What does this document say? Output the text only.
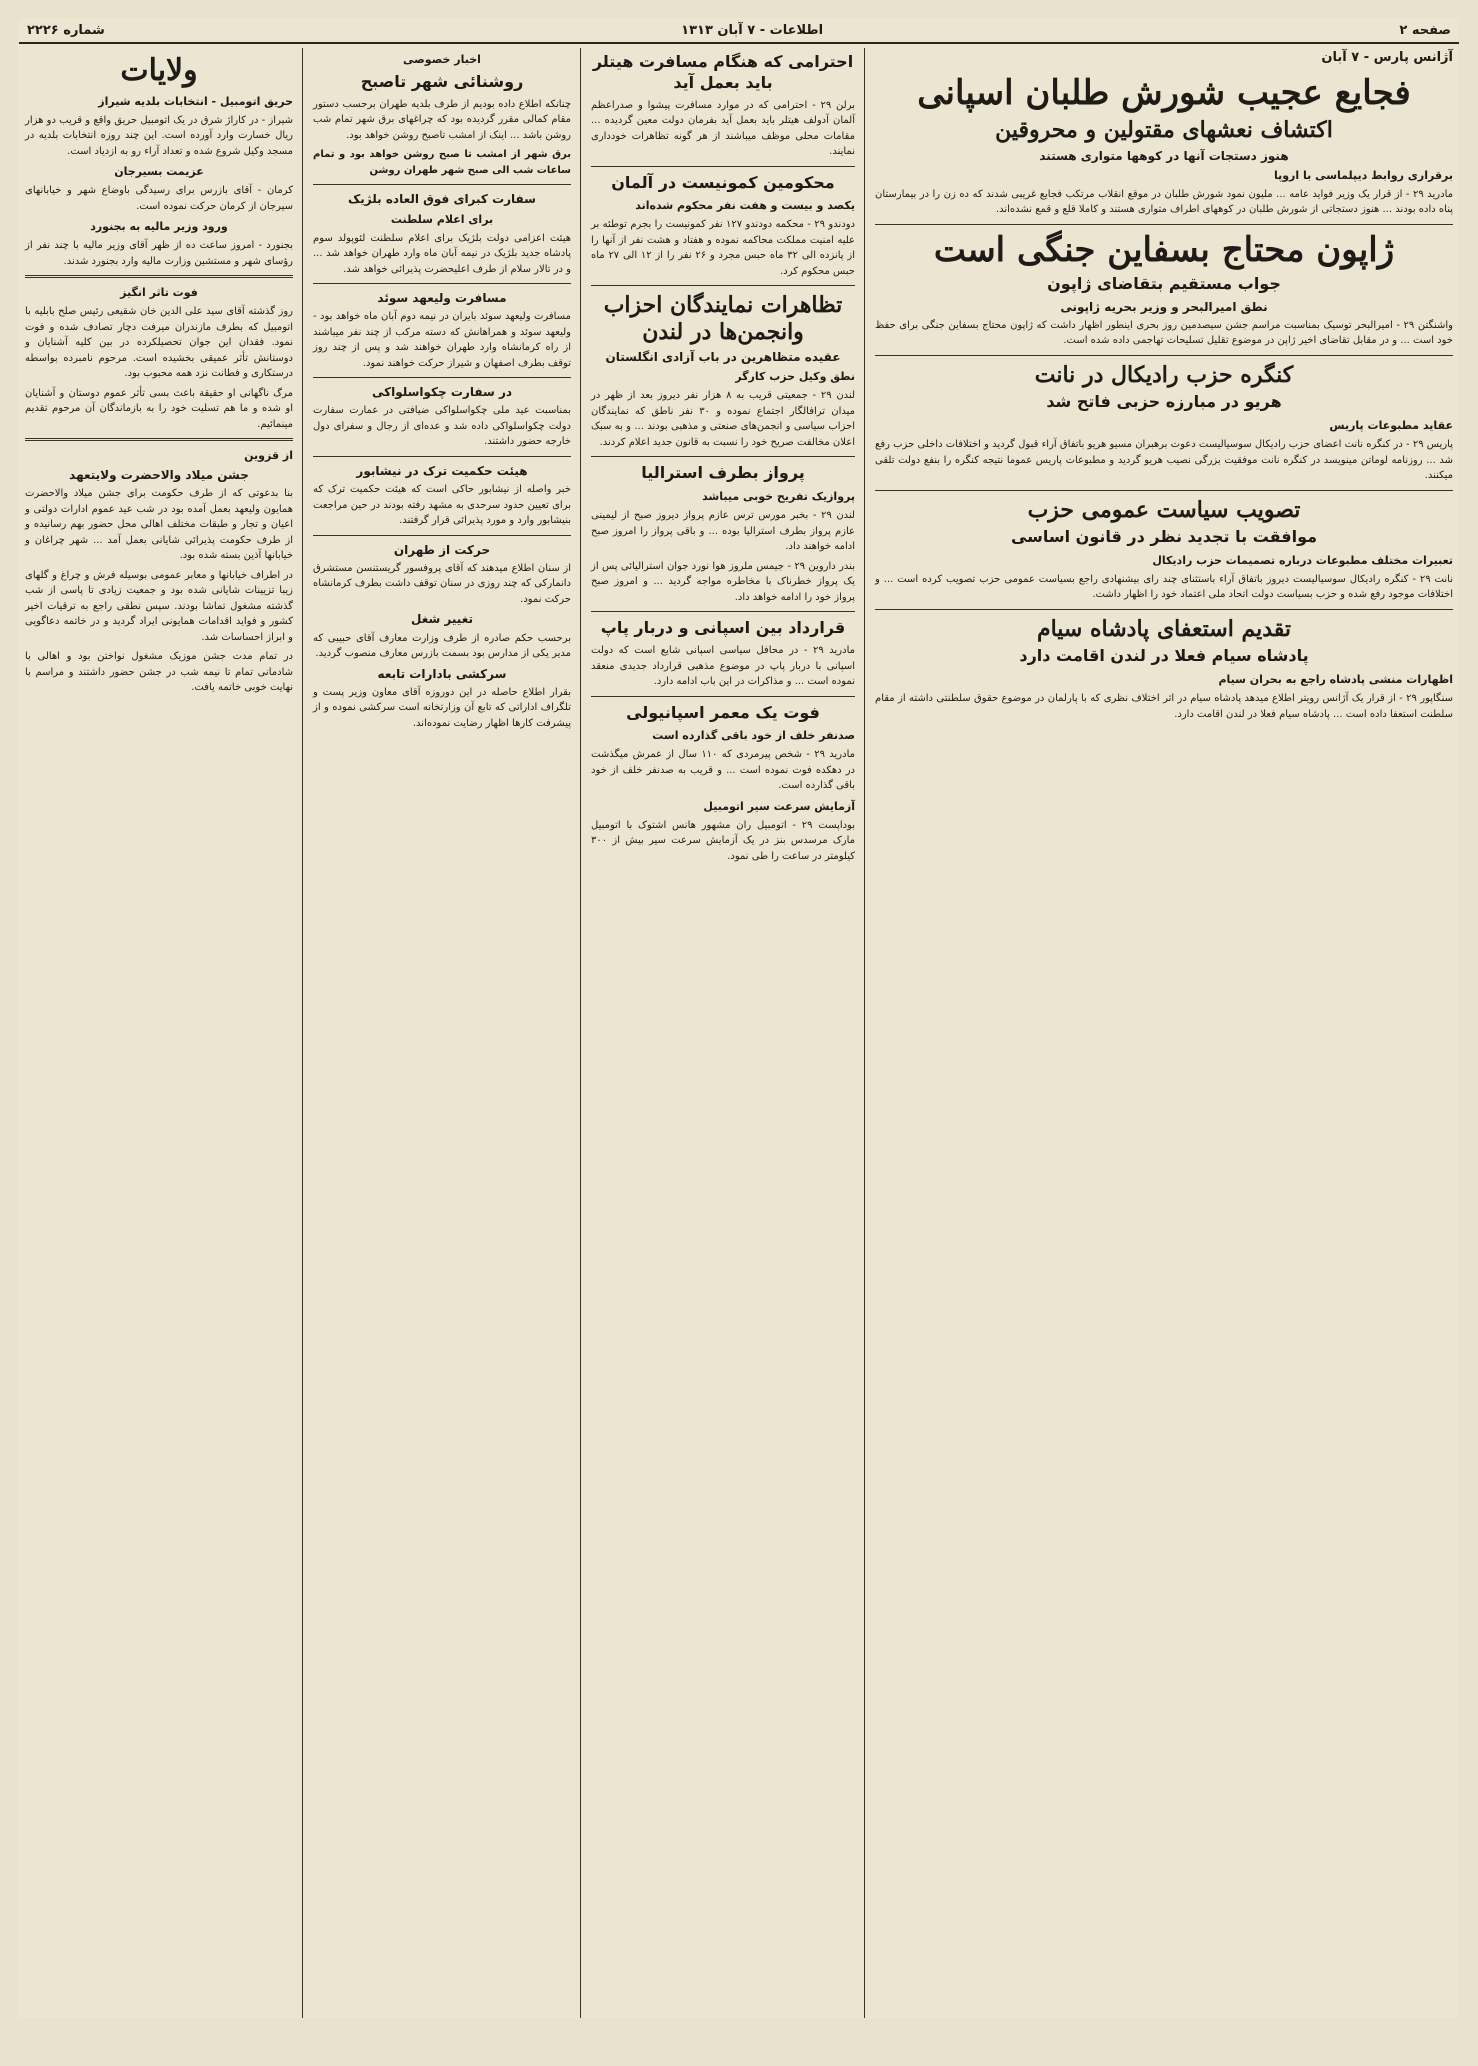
صفحه ۲
اطلاعات - ۷ آبان ۱۳۱۳
شماره ۲۲۲۶
آژانس پارس - ۷ آبان
فجایع عجیب شورش طلبان اسپانی
اکتشاف نعشهای مقتولین و محروقین
هنوز دستجات آنها در کوهها متواری هستند
برقراری روابط دیپلماسی با اروپا

مادرید ۲۹ - از قرار یک وزیر فواید عامه ... ملیون نمود شورش طلبان در موقع انقلاب مرتکب فجایع غریبی شدند که ده زن را در بیمارستان پناه داده بودند ... هنوز دستجاتی از شورش طلبان در کوههای اطراف متواری هستند و کاملا قلع و قمع نشده‌اند.

ژاپون محتاج بسفاین جنگی است
جواب مستقیم بتقاضای ژاپون
نطق امیرالبحر و وزیر بحریه ژاپونی

واشنگتن ۲۹ - امیرالبحر توسیک بمناسبت مراسم جشن سیصدمین روز بحری اینطور اظهار داشت که ژاپون محتاج بسفاین جنگی برای حفظ خود است ... و در مقابل تقاضای اخیر ژاپن در موضوع تقلیل تسلیحات تهاجمی داده شده است.

کنگره حزب رادیکال در نانت
هریو در مبارزه حزبی فاتح شد
عقاید مطبوعات پاریس

پاریس ۲۹ - در کنگره نانت اعضای حزب رادیکال سوسیالیست دعوت برهبران مسیو هریو باتفاق آراء قبول گردید و اختلافات داخلی حزب رفع شد ... روزنامه لوماتن مینویسد در کنگره نانت موفقیت بزرگی نصیب هریو گردید و مطبوعات پاریس عموما نتیجه کنگره را بنفع دولت تلقی میکنند.

تصویب سیاست عمومی حزب
موافقت با تجدید نظر در قانون اساسی
تعبیرات مختلف مطبوعات درباره تصمیمات حزب رادیکال

نانت ۲۹ - کنگره رادیکال سوسیالیست دیروز باتفاق آراء باستثنای چند رای بیشنهادی راجع بسیاست عمومی حزب تصویب کرده است ... و اختلافات موجود رفع شده و حزب بسیاست دولت اتحاد ملی اعتماد خود را اظهار داشت.

تقدیم استعفای پادشاه سیام
پادشاه سیام فعلا در لندن اقامت دارد
اظهارات منشی پادشاه راجع به بحران سیام

سنگاپور ۲۹ - از قرار یک آژانس رویتر اطلاع میدهد پادشاه سیام در اثر اختلاف نظری که با پارلمان در موضوع حقوق سلطنتی داشته از مقام سلطنت استعفا داده است ... پادشاه سیام فعلا در لندن اقامت دارد.

احترامی که هنگام مسافرت هیتلر باید بعمل آید

برلن ۲۹ - احترامی که در موارد مسافرت پیشوا و صدراعظم آلمان آدولف هیتلر باید بعمل آید بفرمان دولت معین گردیده ... مقامات محلی موظف میباشند از هر گونه تظاهرات خودداری نمایند.

محکومین کمونیست در آلمان
یکصد و بیست و هفت نفر محکوم شده‌اند

دودندو ۲۹ - محکمه دودندو ۱۲۷ نفر کمونیست را بجرم توطئه بر علیه امنیت مملکت محاکمه نموده و هفتاد و هشت نفر از آنها را از پانزده الی ۳۲ ماه حبس مجرد و ۲۶ نفر را از ۱۲ الی ۲۷ ماه حبس محکوم کرد.

تظاهرات نمایندگان احزاب وانجمن‌ها در لندن
عقیده متظاهرین در باب آزادی انگلستان
نطق وکیل حزب کارگر

لندن ۲۹ - جمعیتی قریب به ۸ هزار نفر دیروز بعد از ظهر در میدان ترافالگار اجتماع نموده و ۳۰ نفر ناطق که نمایندگان احزاب سیاسی و انجمن‌های صنعتی و مذهبی بودند ... و به سبک اعلان مخالفت صریح خود را نسبت به قانون جدید اعلام کردند.

پرواز بطرف استرالیا
پروازیک تفریح خوبی میباشد

لندن ۲۹ - بخبر مورس ترس عازم پرواز دیروز صبح از لیمینی عازم پرواز بطرف استرالیا بوده ... و باقی پرواز را امروز صبح ادامه خواهند داد.

بندر داروین ۲۹ - جیمس ملروز هوا نورد جوان استرالیائی پس از یک پرواز خطرناک با مخاطره مواجه گردید ... و امروز صبح پرواز خود را ادامه خواهد داد.

قرارداد بین اسپانی و دربار پاپ

مادرید ۲۹ - در محافل سیاسی اسپانی شایع است که دولت اسپانی با دربار پاپ در موضوع مذهبی قرارداد جدیدی منعقد نموده است ... و مذاکرات در این باب ادامه دارد.

فوت یک معمر اسپانیولی
صدنفر خلف از خود باقی گذارده است

مادرید ۲۹ - شخص پیرمردی که ۱۱۰ سال از عمرش میگذشت در دهکده فوت نموده است ... و قریب به صدنفر خلف از خود باقی گذارده است.

آزمایش سرعت سیر اتومبیل

بوداپست ۲۹ - اتومبیل ران مشهور هانس اشتوک با اتومبیل مارک مرسدس بنز در یک آزمایش سرعت سیر بیش از ۳۰۰ کیلومتر در ساعت را طی نمود.

اخبار خصوصی
روشنائی شهر تاصبح

چنانکه اطلاع داده بودیم از طرف بلدیه طهران برحسب دستور مقام کمالی مقرر گردیده بود که چراغهای برق شهر تمام شب روشن باشد ... اینک از امشب تاصبح روشن خواهد بود.

برق شهر از امشب تا صبح روشن خواهد بود و تمام ساعات شب الی صبح شهر طهران روشن

سفارت کبرای فوق العاده بلژیک
برای اعلام سلطنت

هیئت اعزامی دولت بلژیک برای اعلام سلطنت لئوپولد سوم پادشاه جدید بلژیک در نیمه آبان ماه وارد طهران خواهد شد ... و در تالار سلام از طرف اعلیحضرت پذیرائی خواهد شد.

مسافرت ولیعهد سوئد

مسافرت ولیعهد سوئد بایران در نیمه دوم آبان ماه خواهد بود - ولیعهد سوئد و همراهانش که دسته مرکب از چند نفر میباشند از راه کرمانشاه وارد طهران خواهند شد و پس از چند روز توقف بطرف اصفهان و شیراز حرکت خواهند نمود.

در سفارت چکواسلواکی

بمناسبت عید ملی چکواسلواکی ضیافتی در عمارت سفارت دولت چکواسلواکی داده شد و عده‌ای از رجال و سفرای دول خارجه حضور داشتند.

هیئت حکمیت ترک در نیشابور

خبر واصله از نیشابور حاکی است که هیئت حکمیت ترک که برای تعیین حدود سرحدی به مشهد رفته بودند در حین مراجعت بنیشابور وارد و مورد پذیرائی قرار گرفتند.

حرکت از طهران

از سنان اطلاع میدهند که آقای پروفسور گریستنسن مستشرق دانمارکی که چند روزی در سنان توقف داشت بطرف کرمانشاه حرکت نمود.

تغییر شغل

برحسب حکم صادره از طرف وزارت معارف آقای حبیبی که مدیر یکی از مدارس بود بسمت بازرس معارف منصوب گردید.

سرکشی بادارات تابعه

بقرار اطلاع حاصله در این دوروزه آقای معاون وزیر پست و تلگراف اداراتی که تابع آن وزارتخانه است سرکشی نموده و از پیشرفت کارها اظهار رضایت نموده‌اند.

ولایات
حریق اتومبیل - انتخابات بلدیه شیراز

شیراز - در کاراژ شرق در یک اتومبیل حریق واقع و قریب دو هزار ریال خسارت وارد آورده است. این چند روزه انتخابات بلدیه در مسجد وکیل شروع شده و تعداد آراء رو به ازدیاد است.

عزیمت بسیرجان

کرمان - آقای بازرس برای رسیدگی باوضاع شهر و خیابانهای سیرجان از کرمان حرکت نموده است.

ورود وزیر مالیه به بجنورد

بجنورد - امروز ساعت ده از ظهر آقای وزیر مالیه با چند نفر از رؤسای شهر و مستشین وزارت مالیه وارد بجنورد شدند.

فوت تاثر انگیز

روز گذشته آقای سید علی الدین خان شقیعی رئیس صلح بابلیه با اتومبیل که بطرف مازندران میرفت دچار تصادف شده و فوت نمود. فقدان این جوان تحصیلکرده در بین کلیه آشنایان و دوستانش تأثر عمیقی بخشیده است. مرحوم نامبرده بواسطه درستکاری و فطانت نزد همه محبوب بود.

مرگ ناگهانی او حقیقة باعث بسی تأثر عموم دوستان و آشنایان او شده و ما هم تسلیت خود را به بازماندگان آن مرحوم تقدیم مینمائیم.

از قزوین
جشن میلاد والاحضرت ولایتعهد

بنا بدعوتی که از طرف حکومت برای جشن میلاد والاحضرت همایون ولیعهد بعمل آمده بود در شب عید عموم ادارات دولتی و اعیان و تجار و طبقات مختلف اهالی محل حضور بهم رسانیده و از طرف حکومت پذیرائی شایانی بعمل آمد ... شهر چراغان و خیابانها آذین بسته شده بود.

در اطراف خیابانها و معابر عمومی بوسیله فرش و چراغ و گلهای زیبا تزیینات شایانی شده بود و جمعیت زیادی تا پاسی از شب گذشته مشغول تماشا بودند. سپس نطقی راجع به ترقیات اخیر کشور و فواید اقدامات همایونی ایراد گردید و در خاتمه دعاگویی و ابراز احساسات شد.

در تمام مدت جشن موزیک مشغول نواختن بود و اهالی با شادمانی تمام تا نیمه شب در جشن حضور داشتند و مراسم با نهایت خوبی خاتمه یافت.
